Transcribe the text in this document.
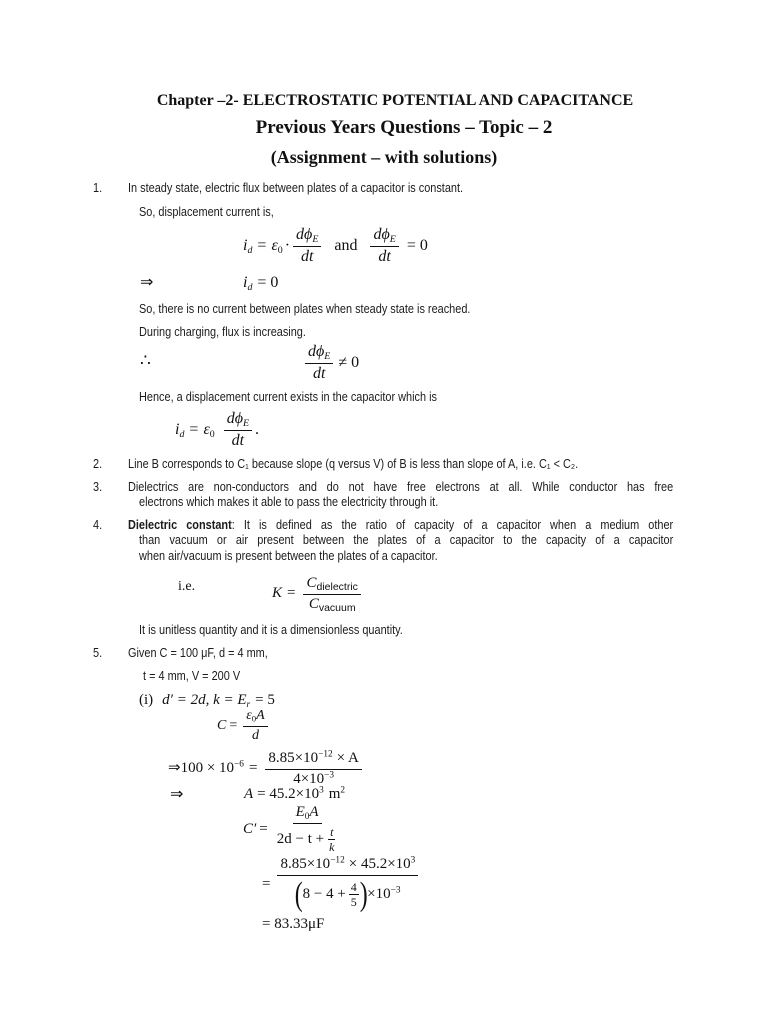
Chapter –2- ELECTROSTATIC POTENTIAL AND CAPACITANCE
Previous Years Questions – Topic – 2
(Assignment – with solutions)
1. In steady state, electric flux between plates of a capacitor is constant.
So, displacement current is,
$i_d = \varepsilon_0 \cdot \frac{d\phi_E}{dt}$ and $\frac{d\phi_E}{dt} = 0$
⇒	$i_d = 0$
So, there is no current between plates when steady state is reached.
During charging, flux is increasing.
∴	$\frac{d\phi_E}{dt} \ne 0$
Hence, a displacement current exists in the capacitor which is
$i_d = \varepsilon_0 \frac{d\phi_E}{dt}$ .
2. Line B corresponds to C₁ because slope (q versus V) of B is less than slope of A, i.e. C₁ < C₂.
3. Dielectrics are non-conductors and do not have free electrons at all. While conductor has free
electrons which makes it able to pass the electricity through it.
4. Dielectric constant: It is defined as the ratio of capacity of a capacitor when a medium other
than vacuum or air present between the plates of a capacitor to the capacity of a capacitor
when air/vacuum is present between the plates of a capacitor.
i.e.	$K = \frac{C_{dielectric}}{C_{vacuum}}$
It is unitless quantity and it is a dimensionless quantity.
5. Given C = 100 μF, d = 4 mm,
t = 4 mm, V = 200 V
(i) d′ = 2d, $k = E_r = 5$
$C = \frac{\varepsilon_0A}{d}$
⇒100 × $10^{-6} = \frac{8.85\times 10^{-12} \times A}{4\times 10^{-3}}$
⇒	$A = 45.2\times 10^3$ $m^2$
$C' = \frac{E_0A}{2d - t + \frac{t}{k}}$
= $\frac{8.85\times 10^{-12} \times 45.2\times 10^3}{( 8 - 4 + \frac{4}{5} ) \times 10^{-3}}$
= 83.33μF
